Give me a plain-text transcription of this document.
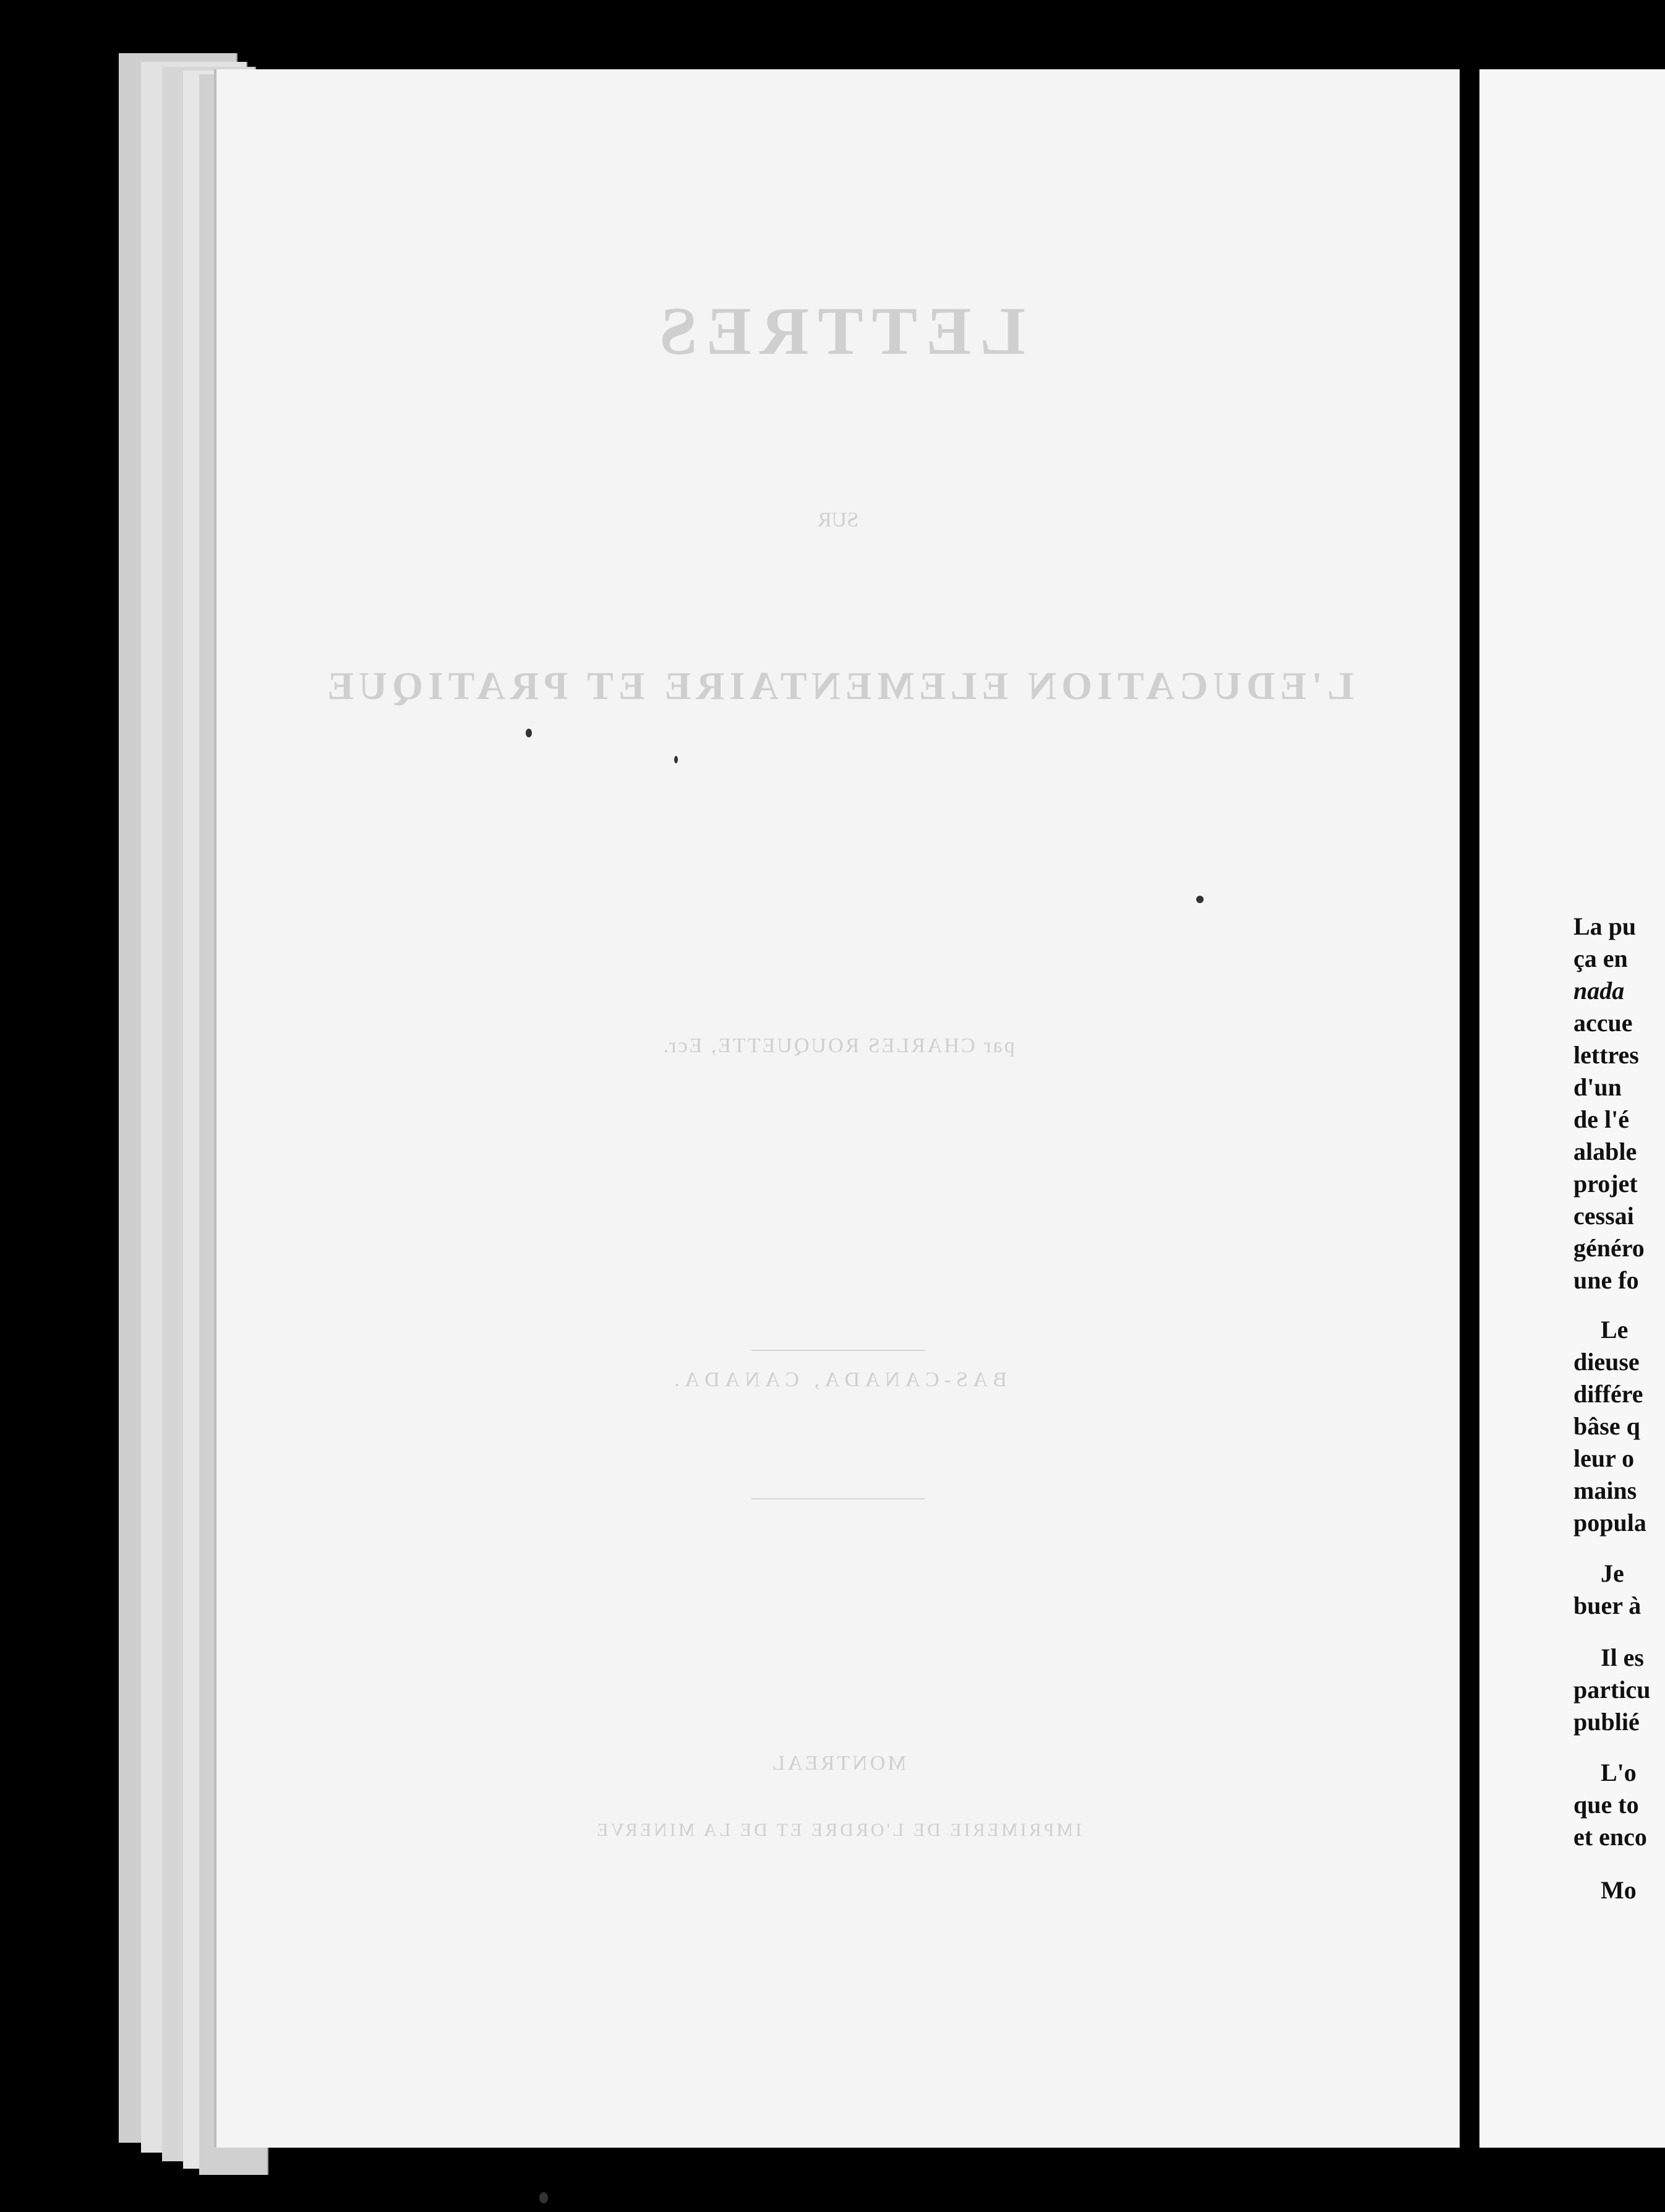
LETTRES
SUR
L'EDUCATION ELEMENTAIRE ET PRATIQUE
par CHARLES ROUQUETTE, Ecr.
BAS-CANADA, CANADA.
MONTREAL
IMPRIMERIE DE L'ORDRE ET DE LA MINERVE
La pu
ça en
nada
accue
lettres
d'un
de l'é
alable
projet
cessai
généro
une fo
Le
dieuse
différe
bâse q
leur o
mains
popula
Je
buer à
Il es
particu
publié
L'o
que to
et enco
Mo
